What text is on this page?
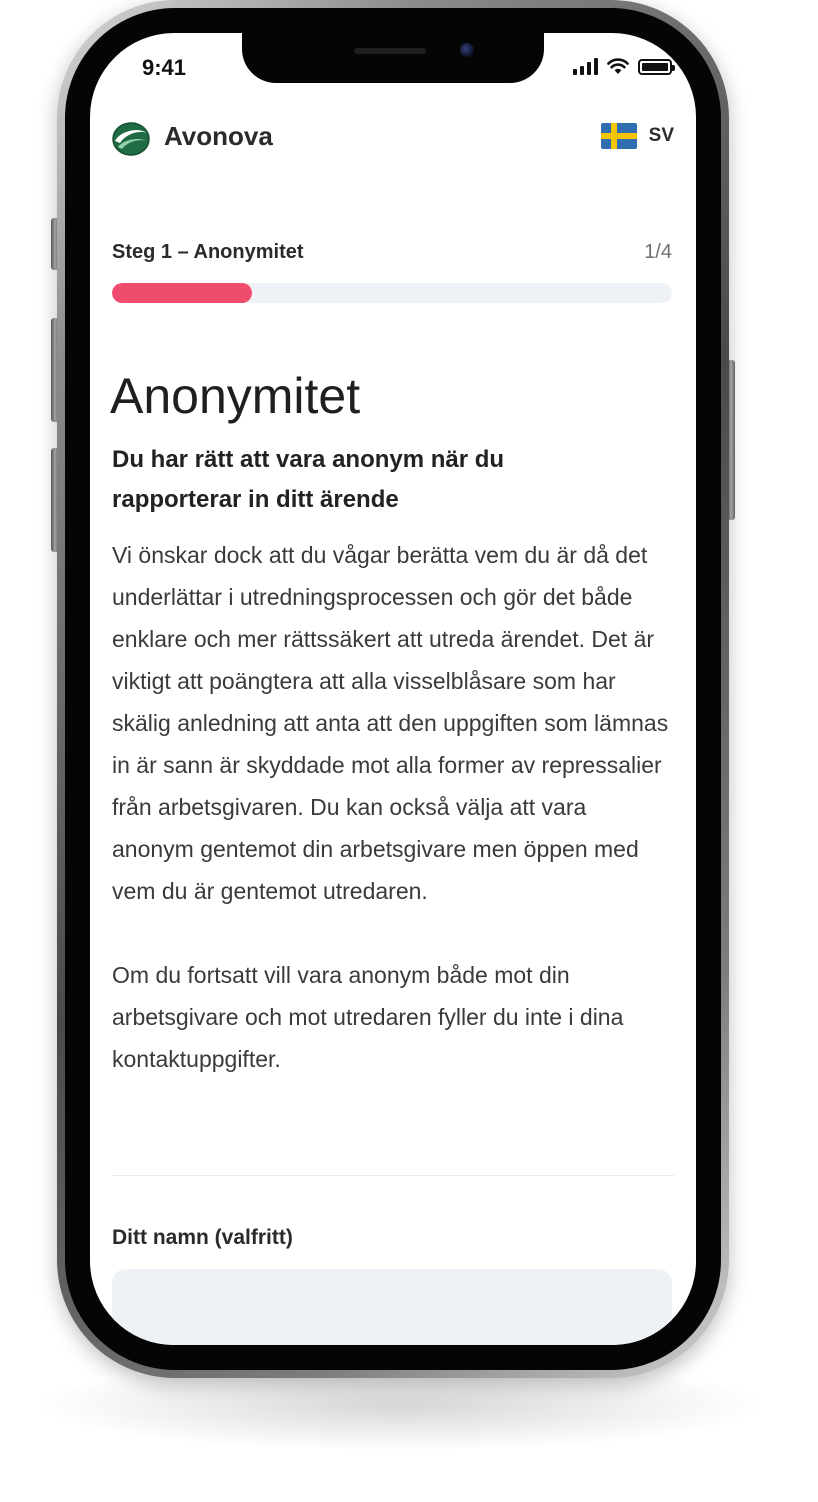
9:41
Avonova	SV
Steg 1 – Anonymitet	1/4
Anonymitet

Du har rätt att vara anonym när du rapporterar in ditt ärende

Vi önskar dock att du vågar berätta vem du är då det underlättar i utredningsprocessen och gör det både enklare och mer rättssäkert att utreda ärendet. Det är viktigt att poängtera att alla visselblåsare som har skälig anledning att anta att den uppgiften som lämnas in är sann är skyddade mot alla former av repressalier från arbetsgivaren. Du kan också välja att vara anonym gentemot din arbetsgivare men öppen med vem du är gentemot utredaren.

Om du fortsatt vill vara anonym både mot din arbetsgivare och mot utredaren fyller du inte i dina kontaktuppgifter.

Ditt namn (valfritt)
